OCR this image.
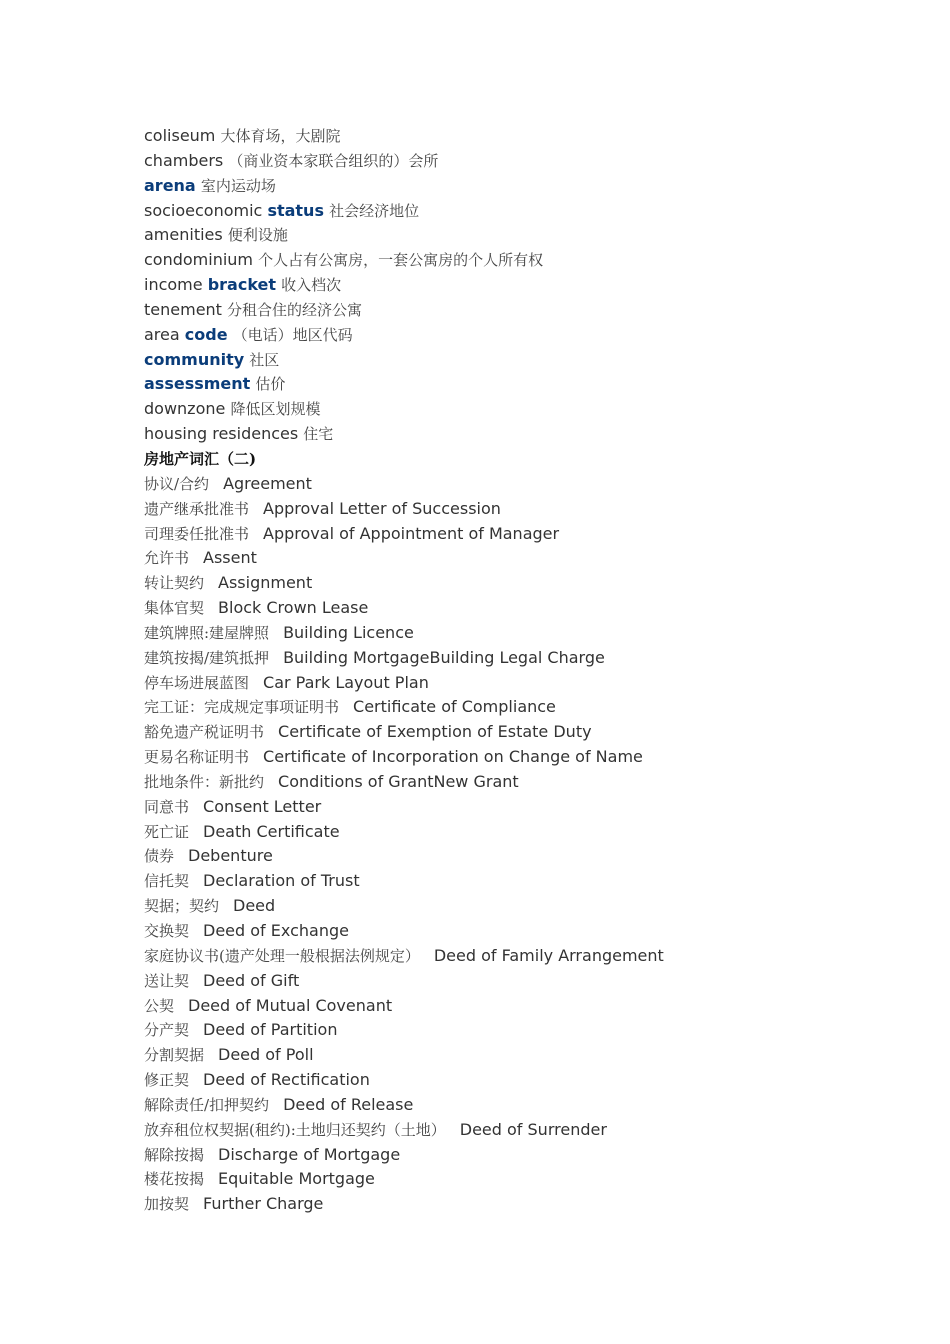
coliseum 大体育场，大剧院
chambers （商业资本家联合组织的）会所
arena 室内运动场
socioeconomic status 社会经济地位
amenities 便利设施
condominium 个人占有公寓房，一套公寓房的个人所有权
income bracket 收入档次
tenement 分租合住的经济公寓
area code （电话）地区代码
community 社区
assessment 估价
downzone 降低区划规模
housing residences 住宅
房地产词汇（二)
协议/合约 Agreement
遗产继承批准书 Approval Letter of Succession
司理委任批准书 Approval of Appointment of Manager
允许书 Assent
转让契约 Assignment
集体官契 Block Crown Lease
建筑牌照:建屋牌照 Building Licence
建筑按揭/建筑抵押 Building MortgageBuilding Legal Charge
停车场进展蓝图 Car Park Layout Plan
完工证：完成规定事项证明书 Certificate of Compliance
豁免遗产税证明书 Certificate of Exemption of Estate Duty
更易名称证明书 Certificate of Incorporation on Change of Name
批地条件：新批约 Conditions of GrantNew Grant
同意书 Consent Letter
死亡证 Death Certificate
债券 Debenture
信托契 Declaration of Trust
契据；契约 Deed
交换契 Deed of Exchange
家庭协议书(遗产处理一般根据法例规定） Deed of Family Arrangement
送让契 Deed of Gift
公契 Deed of Mutual Covenant
分产契 Deed of Partition
分割契据 Deed of Poll
修正契 Deed of Rectification
解除责任/扣押契约 Deed of Release
放弃租位权契据(租约):土地归还契约（土地） Deed of Surrender
解除按揭 Discharge of Mortgage
楼花按揭 Equitable Mortgage
加按契 Further Charge
